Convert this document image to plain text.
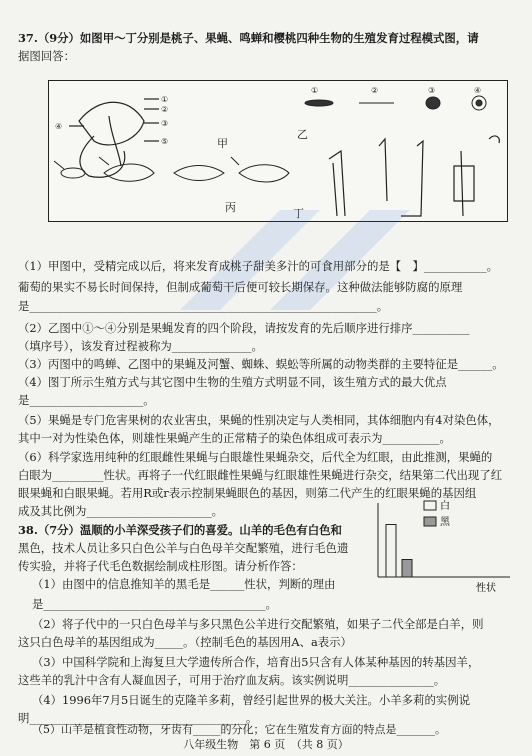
37.（9分）如图甲～丁分别是桃子、果蝇、鸣蝉和樱桃四种生物的生殖发育过程模式图，请
据图回答：
①
②
③
④
⑤
①	②	③	④
甲
乙
丙	丁
（1）甲图中，受精完成以后，将来发育成桃子甜美多汁的可食用部分的是【　】___________。
葡萄的果实不易长时间保持，但制成葡萄干后便可较长期保存。这种做法能够防腐的原理
是_____________________________________________________________。
（2）乙图中①～④分别是果蝇发育的四个阶段，请按发育的先后顺序进行排序__________
（填序号），该发育过程被称为______________。
（3）丙图中的鸣蝉、乙图中的果蝇及河蟹、蜘蛛、蜈蚣等所属的动物类群的主要特征是______。
（4）图丁所示生殖方式与其它图中生物的生殖方式明显不同，该生殖方式的最大优点
是____________________。
（5）果蝇是专门危害果树的农业害虫，果蝇的性别决定与人类相同，其体细胞内有4对染色体，
其中一对为性染色体，则雄性果蝇产生的正常精子的染色体组成可表示为__________。
（6）科学家选用纯种的红眼雌性果蝇与白眼雄性果蝇杂交，后代全为红眼，由此推测，果蝇的
白眼为_________性状。再将子一代红眼雌性果蝇与红眼雄性果蝇进行杂交，结果第二代出现了红
眼果蝇和白眼果蝇。若用R或r表示控制果蝇眼色的基因，则第二代产生的红眼果蝇的基因组
成及其比例为______________________。
38.（7分）温顺的小羊深受孩子们的喜爱。山羊的毛色有白色和
黑色，技术人员让多只白色公羊与白色母羊交配繁殖，进行毛色遗
传实验，并将子代毛色数据绘制成柱形图。请分析作答：
（1）由图中的信息推知羊的黑毛是______性状，判断的理由
是_______________________________________。
（2）将子代中的一只白色母羊与多只黑色公羊进行交配繁殖，如果子二代全部是白羊，则
这只白色母羊的基因组成为_____。（控制毛色的基因用A、a表示）
（3）中国科学院和上海复旦大学遗传所合作，培育出5只含有人体某种基因的转基因羊，
这些羊的乳汁中含有人凝血因子，可用于治疗血友病。该实例说明_______________。
（4）1996年7月5日诞生的克隆羊多莉，曾经引起世界的极大关注。小羊多莉的实例说
明______________________________________。
（5）山羊是植食性动物，牙齿有_____的分化；它在生殖发育方面的特点是_______。
白
黑
性状
八年级生物　第 6 页　（共 8 页）
